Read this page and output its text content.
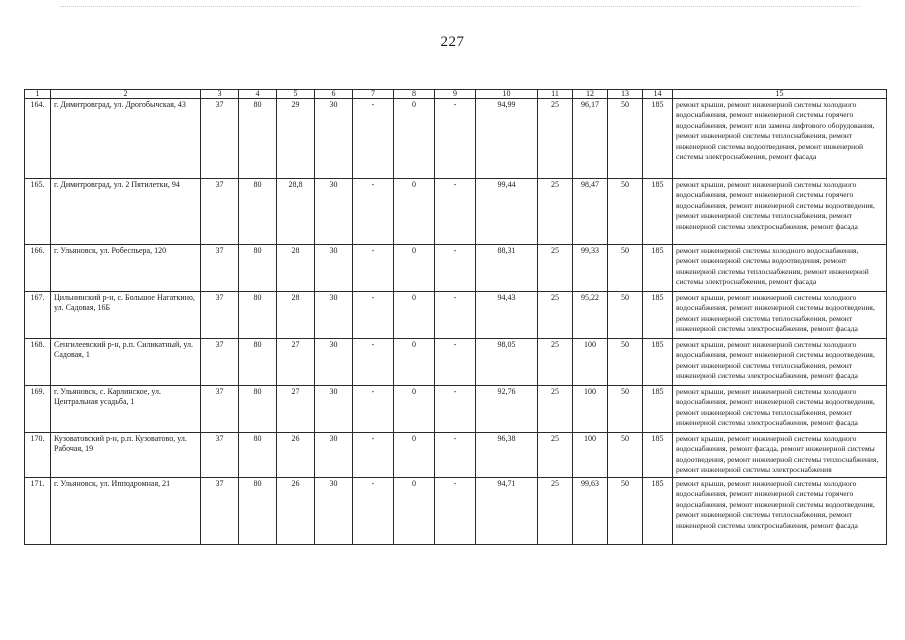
227
1	2	3	4	5	6	7	8	9	10	11	12	13	14	15
164.	г. Димитровград, ул. Дрогобычская, 43	37	80	29	30	-	0	-	94,99	25	96,17	50	185	ремонт крыши, ремонт инженерной системы холодного водоснабжения, ремонт инженерной системы горячего водоснабжения, ремонт или замена лифтового оборудования, ремонт инженерной системы теплоснабжения, ремонт инженерной системы водоотведения, ремонт инженерной системы электроснабжения, ремонт фасада
165.	г. Димитровград, ул. 2 Пятилетки, 94	37	80	28,8	30	-	0	-	99,44	25	98,47	50	185	ремонт крыши, ремонт инженерной системы холодного водоснабжения, ремонт инженерной системы горячего водоснабжения, ремонт инженерной системы водоотведения, ремонт инженерной системы теплоснабжения, ремонт инженерной системы электроснабжения, ремонт фасада
166.	г. Ульяновск, ул. Робеспьера, 120	37	80	28	30	-	0	-	88,31	25	99,33	50	185	ремонт инженерной системы холодного водоснабжения, ремонт инженерной системы водоотведения, ремонт инженерной системы теплоснабжения, ремонт инженерной системы электроснабжения, ремонт фасада
167.	Цильнинский р-н, с. Большое Нагаткино, ул. Садовая, 16Б	37	80	28	30	-	0	-	94,43	25	95,22	50	185	ремонт крыши, ремонт инженерной системы холодного водоснабжения, ремонт инженерной системы водоотведения, ремонт инженерной системы теплоснабжения, ремонт инженерной системы электроснабжения, ремонт фасада
168.	Сенгилеевский р-н, р.п. Силикатный, ул. Садовая, 1	37	80	27	30	-	0	-	98,05	25	100	50	185	ремонт крыши, ремонт инженерной системы холодного водоснабжения, ремонт инженерной системы водоотведения, ремонт инженерной системы теплоснабжения, ремонт инженерной системы электроснабжения, ремонт фасада
169.	г. Ульяновск, с. Карлинское, ул. Центральная усадьба, 1	37	80	27	30	-	0	-	92,76	25	100	50	185	ремонт крыши, ремонт инженерной системы холодного водоснабжения, ремонт инженерной системы водоотведения, ремонт инженерной системы теплоснабжения, ремонт инженерной системы электроснабжения, ремонт фасада
170.	Кузоватовский р-н, р.п. Кузоватово, ул. Рабочая, 19	37	80	26	30	-	0	-	96,38	25	100	50	185	ремонт крыши, ремонт инженерной системы холодного водоснабжения, ремонт фасада, ремонт инженерной системы водоотведения, ремонт инженерной системы теплоснабжения, ремонт инженерной системы электроснабжения
171.	г. Ульяновск, ул. Ипподромная, 21	37	80	26	30	-	0	-	94,71	25	99,63	50	185	ремонт крыши, ремонт инженерной системы холодного водоснабжения, ремонт инженерной системы горячего водоснабжения, ремонт инженерной системы водоотведения, ремонт инженерной системы теплоснабжения, ремонт инженерной системы электроснабжения, ремонт фасада
